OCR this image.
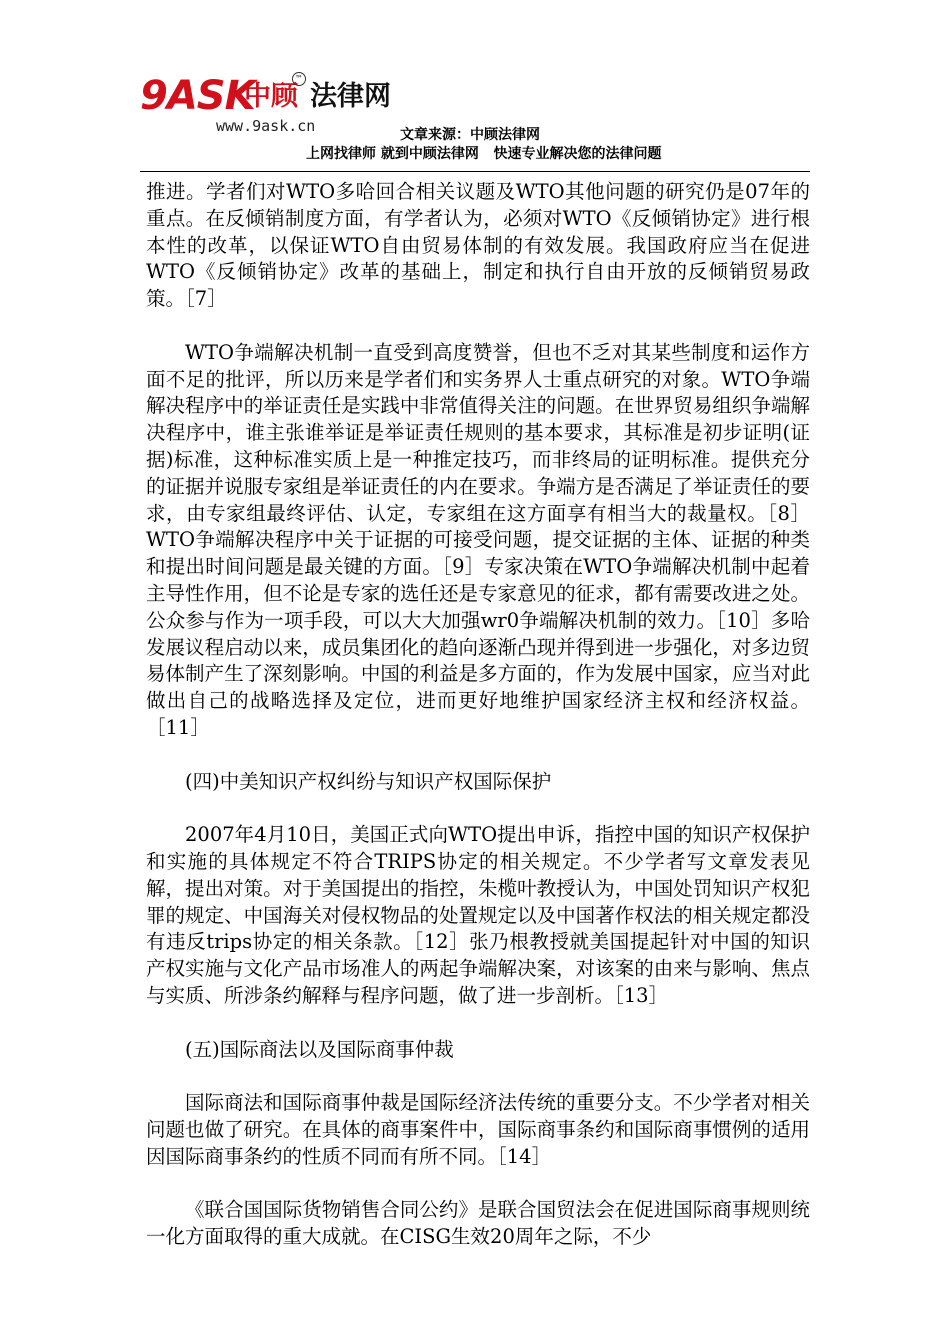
9ASK
中顾 法律网
™
www.9ask.cn	文章来源：中顾法律网
上网找律师 就到中顾法律网   快速专业解决您的法律问题

推进。学者们对WTO多哈回合相关议题及WTO其他问题的研究仍是07年的重点。在反倾销制度方面，有学者认为，必须对WTO《反倾销协定》进行根本性的改革，以保证WTO自由贸易体制的有效发展。我国政府应当在促进WTO《反倾销协定》改革的基础上，制定和执行自由开放的反倾销贸易政策。［7］

WTO争端解决机制一直受到高度赞誉，但也不乏对其某些制度和运作方面不足的批评，所以历来是学者们和实务界人士重点研究的对象。WTO争端解决程序中的举证责任是实践中非常值得关注的问题。在世界贸易组织争端解决程序中，谁主张谁举证是举证责任规则的基本要求，其标准是初步证明(证据)标准，这种标准实质上是一种推定技巧，而非终局的证明标准。提供充分的证据并说服专家组是举证责任的内在要求。争端方是否满足了举证责任的要求，由专家组最终评估、认定，专家组在这方面享有相当大的裁量权。［8］WTO争端解决程序中关于证据的可接受问题，提交证据的主体、证据的种类和提出时间问题是最关键的方面。［9］专家决策在WTO争端解决机制中起着主导性作用，但不论是专家的选任还是专家意见的征求，都有需要改进之处。公众参与作为一项手段，可以大大加强wr0争端解决机制的效力。［10］多哈发展议程启动以来，成员集团化的趋向逐渐凸现并得到进一步强化，对多边贸易体制产生了深刻影响。中国的利益是多方面的，作为发展中国家，应当对此做出自己的战略选择及定位，进而更好地维护国家经济主权和经济权益。［11］

(四)中美知识产权纠纷与知识产权国际保护

2007年4月10日，美国正式向WTO提出申诉，指控中国的知识产权保护和实施的具体规定不符合TRIPS协定的相关规定。不少学者写文章发表见解，提出对策。对于美国提出的指控，朱榄叶教授认为，中国处罚知识产权犯罪的规定、中国海关对侵权物品的处置规定以及中国著作权法的相关规定都没有违反trips协定的相关条款。［12］张乃根教授就美国提起针对中国的知识产权实施与文化产品市场准人的两起争端解决案，对该案的由来与影响、焦点与实质、所涉条约解释与程序问题，做了进一步剖析。［13］

(五)国际商法以及国际商事仲裁

国际商法和国际商事仲裁是国际经济法传统的重要分支。不少学者对相关问题也做了研究。在具体的商事案件中，国际商事条约和国际商事惯例的适用因国际商事条约的性质不同而有所不同。［14］

《联合国国际货物销售合同公约》是联合国贸法会在促进国际商事规则统一化方面取得的重大成就。在CISG生效20周年之际，不少
